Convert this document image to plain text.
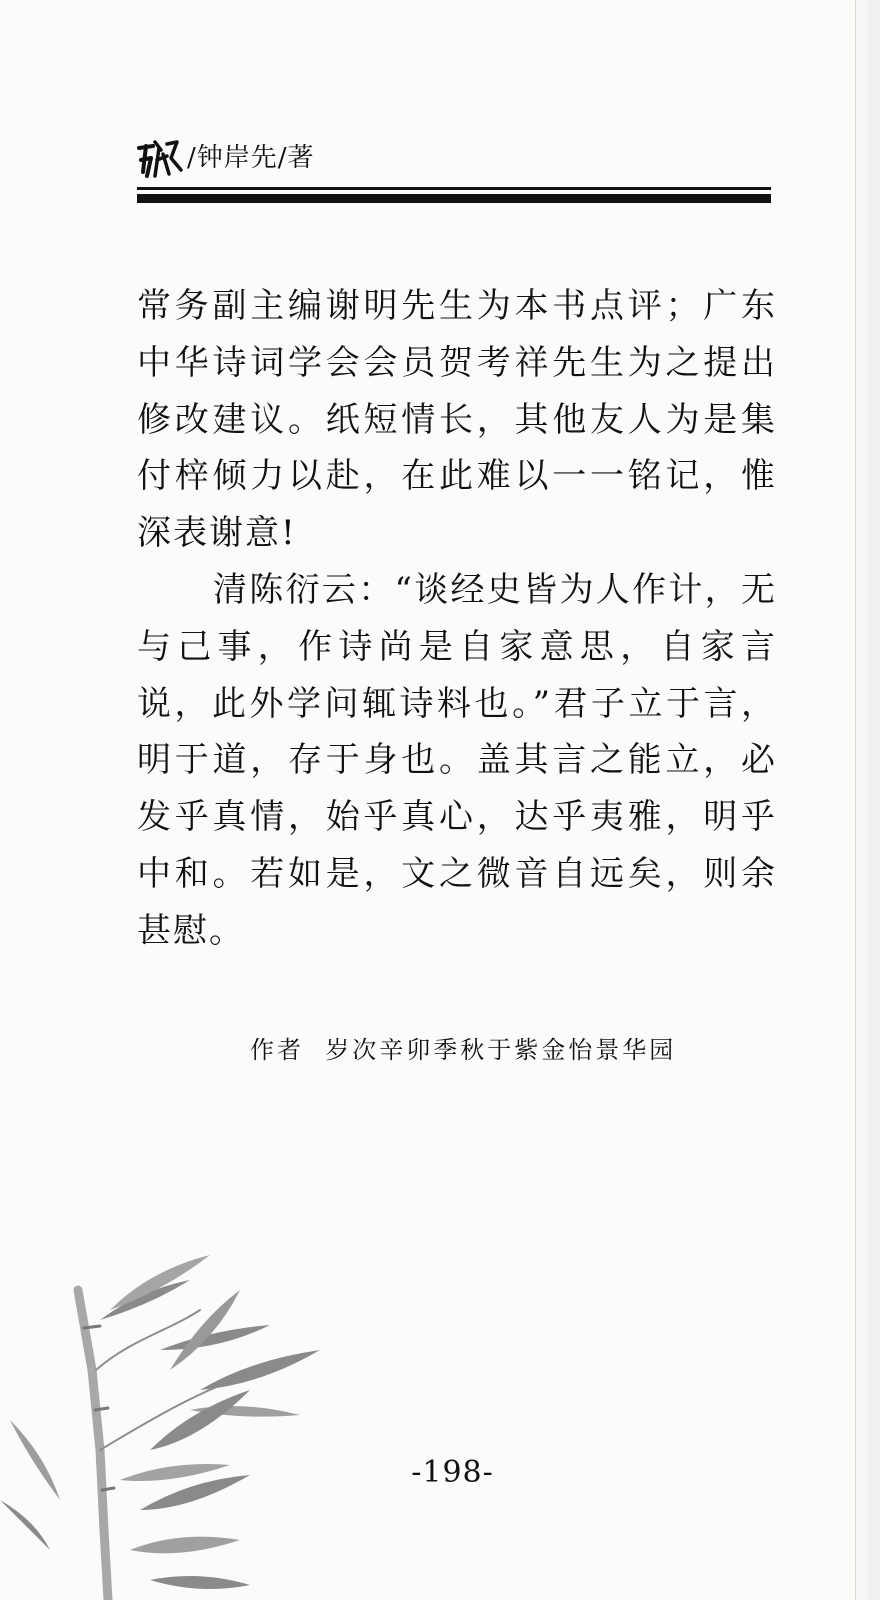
/钟岸先/著

常务副主编谢明先生为本书点评；广东中华诗词学会会员贺考祥先生为之提出修改建议。纸短情长，其他友人为是集付梓倾力以赴，在此难以一一铭记，惟深表谢意!

清陈衍云：“谈经史皆为人作计，无与己事，作诗尚是自家意思，自家言说，此外学问辄诗料也。”君子立于言，明于道，存于身也。盖其言之能立，必发乎真情，始乎真心，达乎夷雅，明乎中和。若如是，文之微音自远矣，则余甚慰。

作者  岁次辛卯季秋于紫金怡景华园
-198-
